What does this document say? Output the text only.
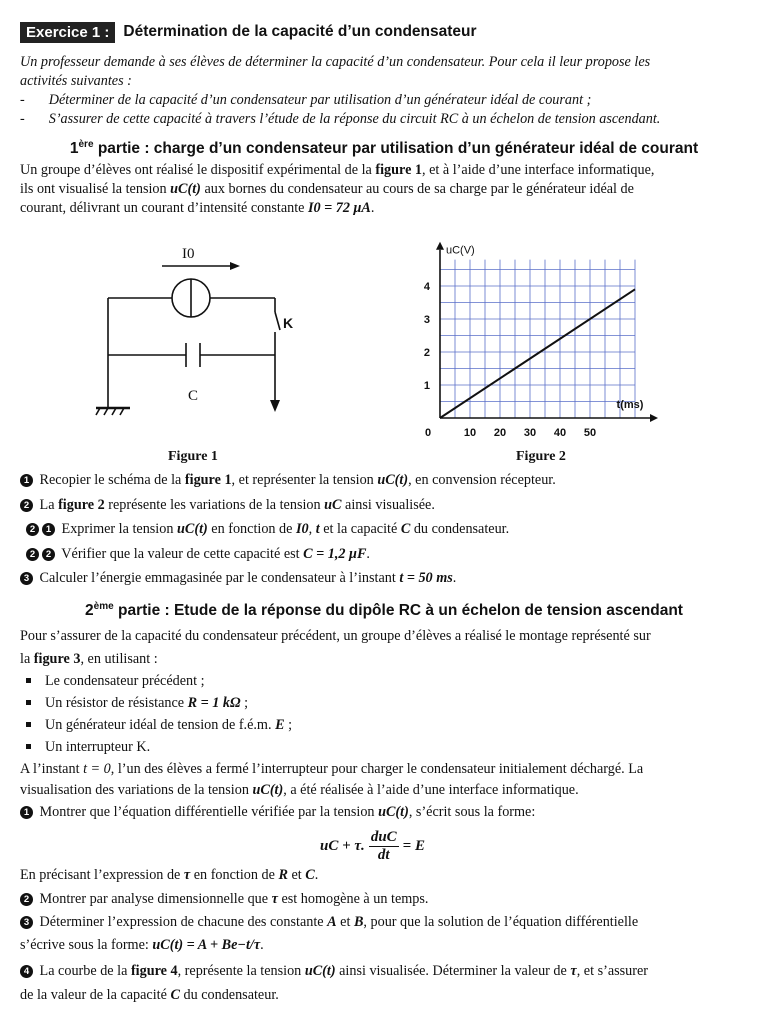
Exercice 1 : Détermination de la capacité d’un condensateur
Un professeur demande à ses élèves de déterminer la capacité d’un condensateur. Pour cela il leur propose les
activités suivantes :
- Déterminer de la capacité d’un condensateur par utilisation d’un générateur idéal de courant ;
- S’assurer de cette capacité à travers l’étude de la réponse du circuit RC à un échelon de tension ascendant.
1ère partie : charge d’un condensateur par utilisation d’un générateur idéal de courant
Un groupe d’élèves ont réalisé le dispositif expérimental de la figure 1, et à l’aide d’une interface informatique,
ils ont visualisé la tension uC(t) aux bornes du condensateur au cours de sa charge par le générateur idéal de
courant, délivrant un courant d’intensité constante I0 = 72 μA.
I0
K
C
Figure 1
0	10 20 30 40 50
1
2
3
4
t(ms)
uC(V)
Figure 2
1 Recopier le schéma de la figure 1, et représenter la tension uC(t), en convension récepteur.
2 La figure 2 représente les variations de la tension uC ainsi visualisée.
2 1 Exprimer la tension uC(t) en fonction de I0, t et la capacité C du condensateur.
2 2 Vérifier que la valeur de cette capacité est C = 1,2 μF.
3 Calculer l’énergie emmagasinée par le condensateur à l’instant t = 50 ms.
2ème partie : Etude de la réponse du dipôle RC à un échelon de tension ascendant
Pour s’assurer de la capacité du condensateur précédent, un groupe d’élèves a réalisé le montage représenté sur
la figure 3, en utilisant :
Le condensateur précédent ;
Un résistor de résistance R = 1 kΩ ;
Un générateur idéal de tension de f.é.m. E ;
Un interrupteur K.
A l’instant t = 0, l’un des élèves a fermé l’interrupteur pour charger le condensateur initialement déchargé. La
visualisation des variations de la tension uC(t), a été réalisée à l’aide d’une interface informatique.
1 Montrer que l’équation différentielle vérifiée par la tension uC(t), s’écrit sous la forme:
uC + τ. $\frac{\text{duC}}{dt} = E$
En précisant l’expression de τ en fonction de R et C.
2 Montrer par analyse dimensionnelle que τ est homogène à un temps.
3 Déterminer l’expression de chacune des constante A et B, pour que la solution de l’équation différentielle
s’écrive sous la forme: uC(t) = A + Be−t/τ.
4 La courbe de la figure 4, représente la tension uC(t) ainsi visualisée. Déterminer la valeur de τ, et s’assurer
de la valeur de la capacité C du condensateur.
